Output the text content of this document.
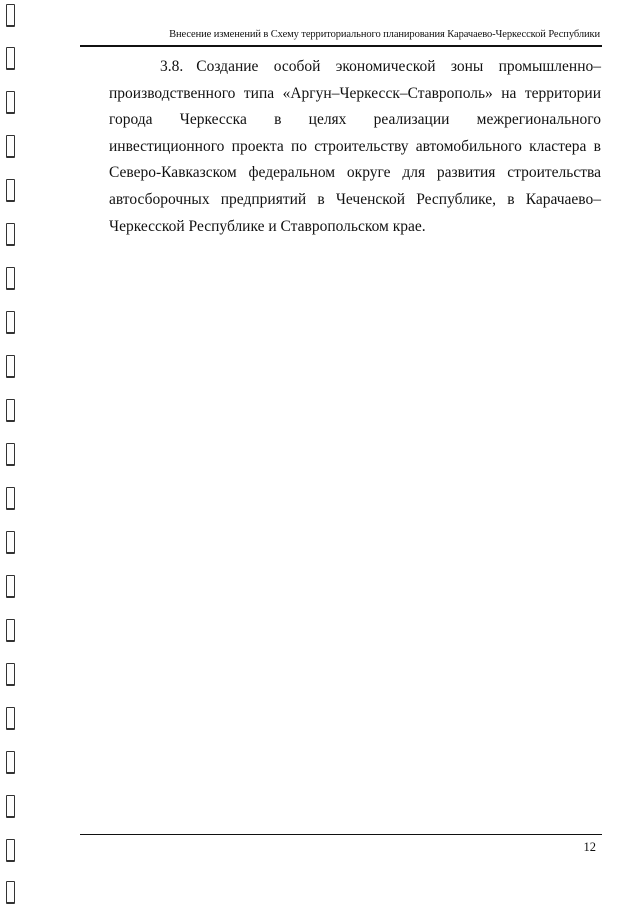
Внесение изменений в Схему территориального планирования Карачаево-Черкесской Республики

3.8. Создание особой экономической зоны промышленно–производственного типа «Аргун–Черкесск–Ставрополь» на территории города Черкесска в целях реализации межрегионального инвестиционного проекта по строительству автомобильного кластера в Северо-Кавказском федеральном округе для развития строительства автосборочных предприятий в Чеченской Республике, в Карачаево–Черкесской Республике и Ставропольском крае.

12
